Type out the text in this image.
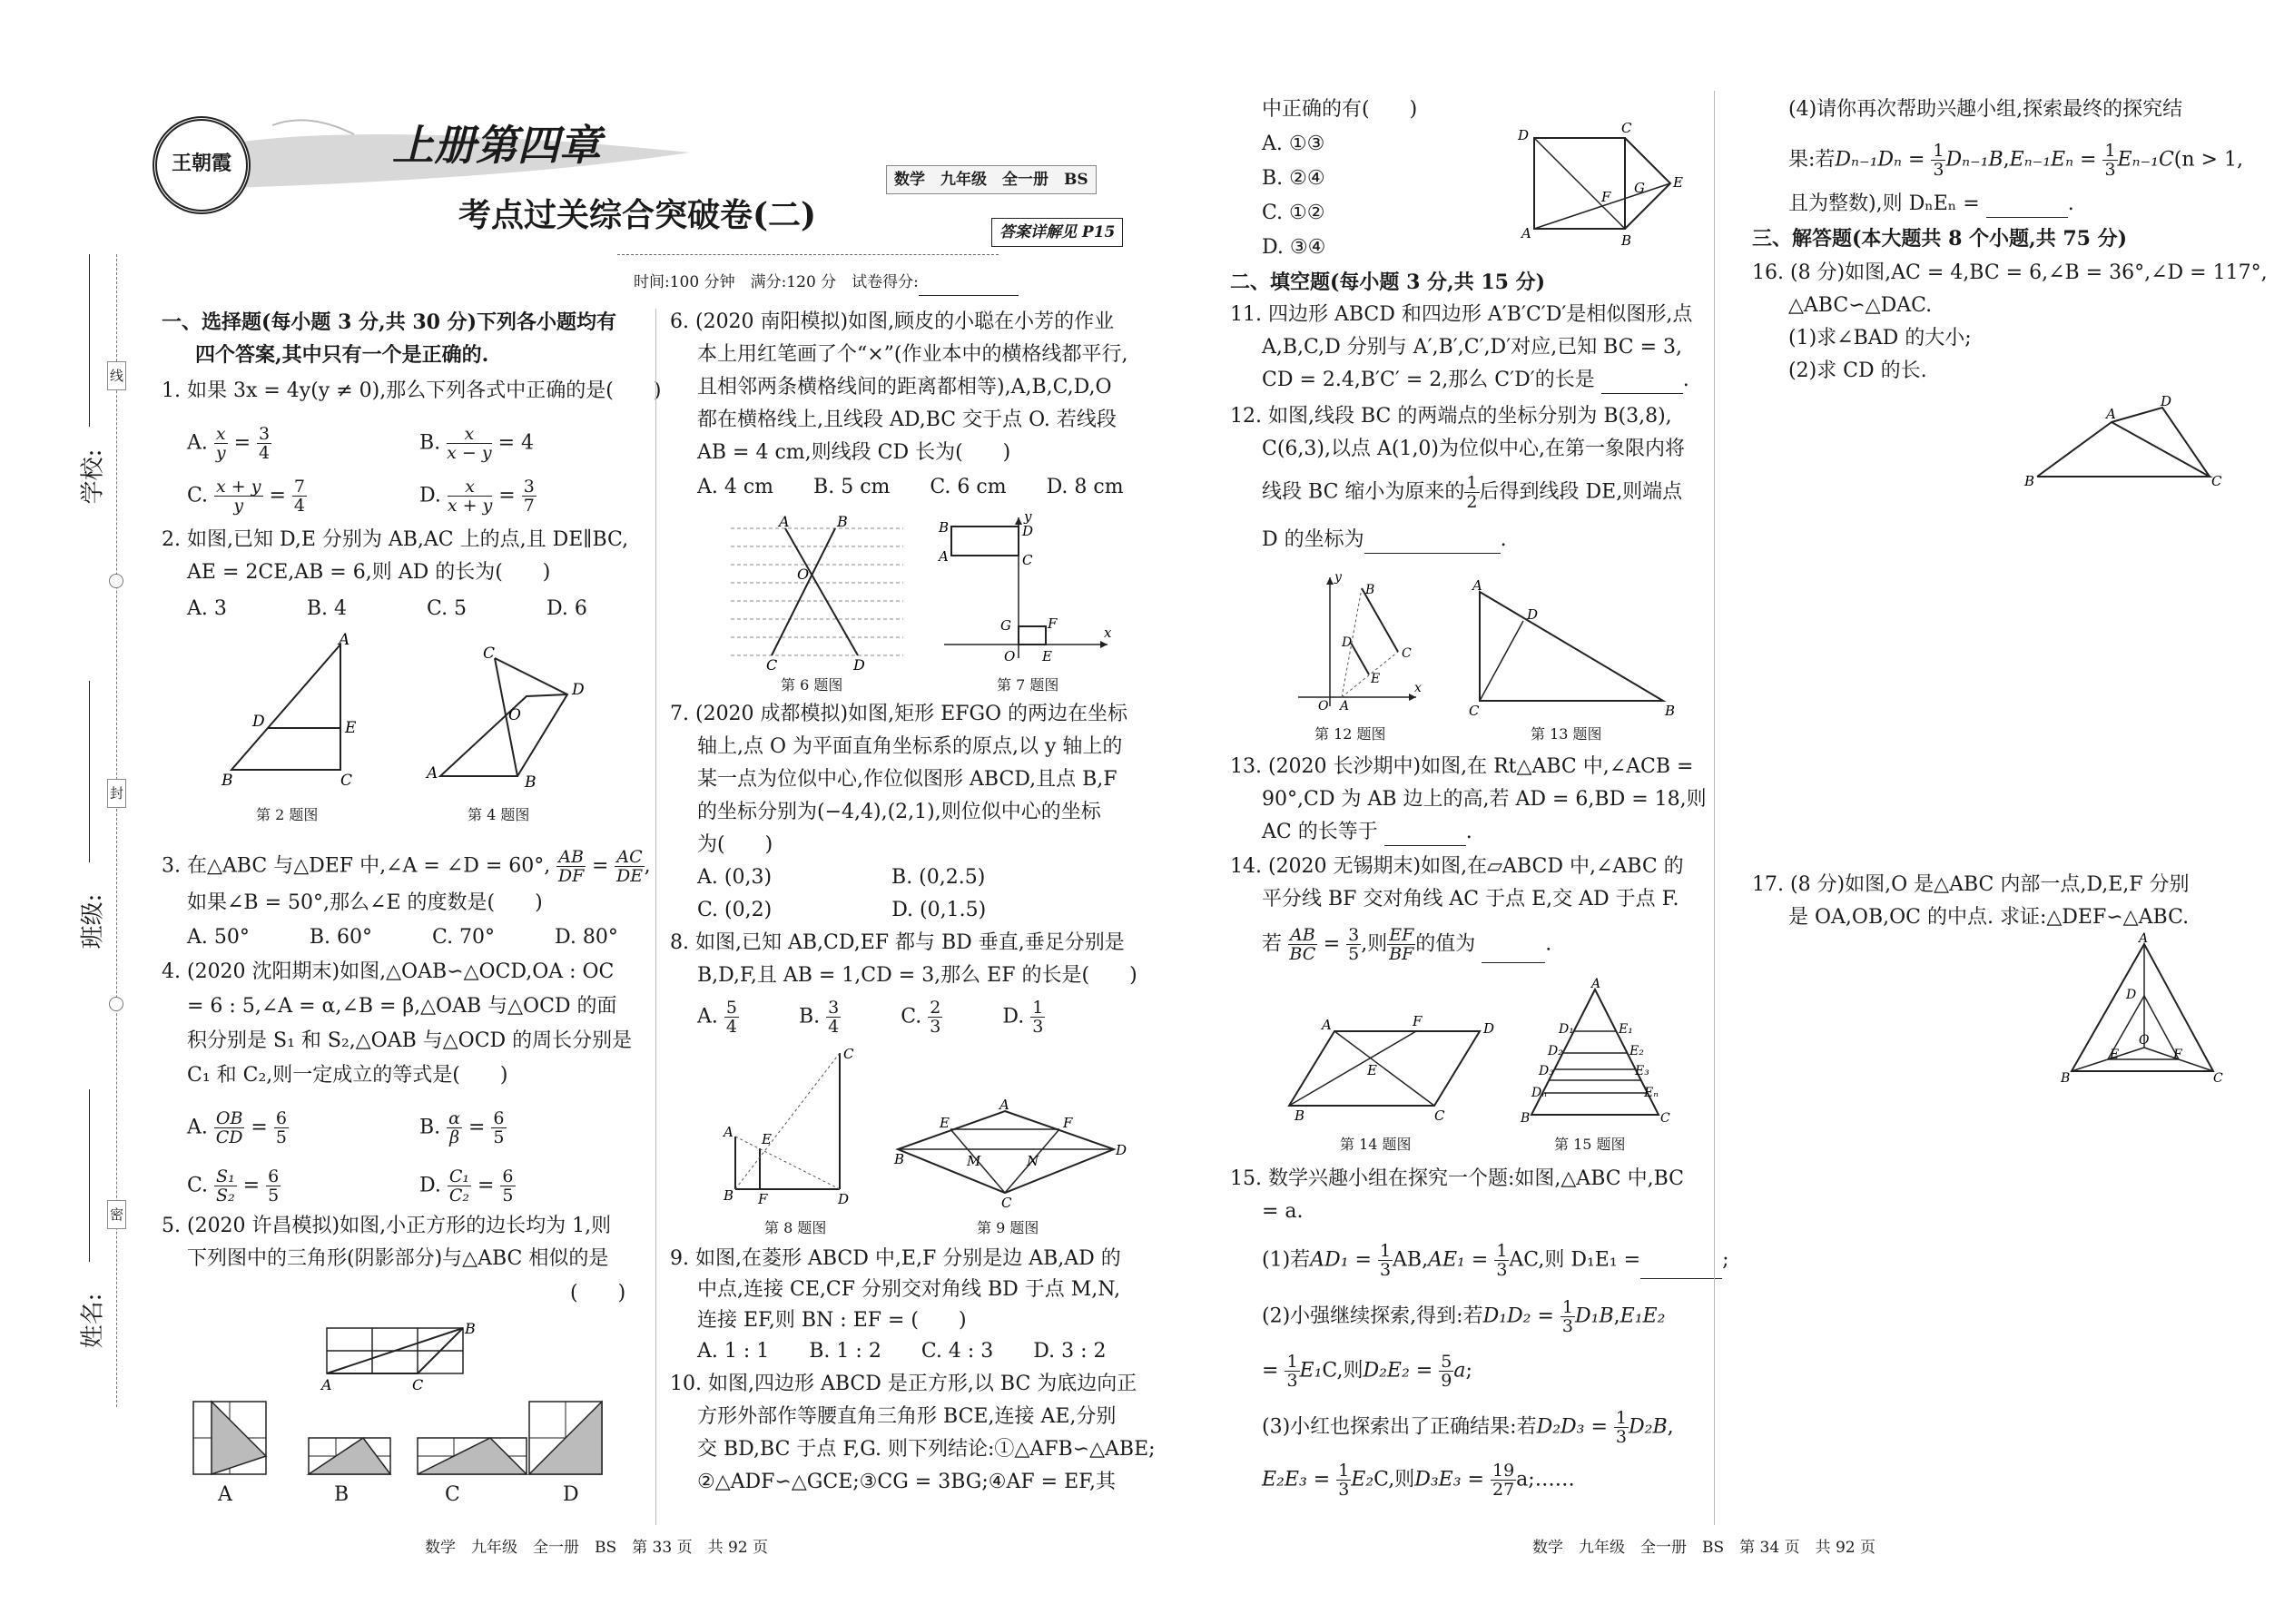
学校:
班级:
姓名:
线
封
密
王朝霞	上册第四章
考点过关综合突破卷(二)
数学　九年级　全一册　BS
答案详解见 P15
时间:100 分钟　满分:120 分　试卷得分:
一、选择题(每小题 3 分,共 30 分)下列各小题均有
四个答案,其中只有一个是正确的.
1. 如果 3x = 4y(y ≠ 0),那么下列各式中正确的是(　　)
A. $\frac{x}{y} = \frac{3}{4}$	B. $\frac{x}{x - y} = 4$
C. $\frac{x + y}{y} = \frac{7}{4}$	D. $\frac{x}{x + y} = \frac{3}{7}$
2. 如图,已知 D,E 分别为 AB,AC 上的点,且 DE∥BC,
AE = 2CE,AB = 6,则 AD 的长为(　　)
A. 3　　　　B. 4　　　　C. 5　　　　D. 6
A
D	E
B	C
第 2 题图
C
D
O
A	B
第 4 题图
3. 在△ABC 与△DEF 中,∠A = ∠D = 60°, $\frac{AB}{DF} = \frac{AC}{DE}$ ,
如果∠B = 50°,那么∠E 的度数是(　　)
A. 50°　　　B. 60°　　　C. 70°　　　D. 80°
4. (2020 沈阳期末)如图,△OAB∽△OCD,OA : OC
= 6 : 5,∠A = α,∠B = β,△OAB 与△OCD 的面
积分别是 S₁ 和 S₂,△OAB 与△OCD 的周长分别是
C₁ 和 C₂,则一定成立的等式是(　　)
A. $\frac{OB}{CD} = \frac{6}{5}$	B. $\frac{\alpha}{\beta} = \frac{6}{5}$
C. $\frac{\text{S₁}}{\text{S₂}} = \frac{6}{5}$	D. $\frac{\text{C₁}}{\text{C₂}} = \frac{6}{5}$
5. (2020 许昌模拟)如图,小正方形的边长均为 1,则
下列图中的三角形(阴影部分)与△ABC 相似的是
(　　)
B
A	C
A	B	C	D
6. (2020 南阳模拟)如图,顾皮的小聪在小芳的作业
本上用红笔画了个“×”(作业本中的横格线都平行,
且相邻两条横格线间的距离都相等),A,B,C,D,O
都在横格线上,且线段 AD,BC 交于点 O. 若线段
AB = 4 cm,则线段 CD 长为(　　)
A. 4 cm　　B. 5 cm　　C. 6 cm　　D. 8 cm
A	B
O
C	D
第 6 题图
y
B	D
A	C
G	F
O E
x
第 7 题图
7. (2020 成都模拟)如图,矩形 EFGO 的两边在坐标
轴上,点 O 为平面直角坐标系的原点,以 y 轴上的
某一点为位似中心,作位似图形 ABCD,且点 B,F
的坐标分别为(−4,4),(2,1),则位似中心的坐标
为(　　)
A. (0,3)　　　　　　B. (0,2.5)
C. (0,2)　　　　　　D. (0,1.5)
8. 如图,已知 AB,CD,EF 都与 BD 垂直,垂足分别是
B,D,F,且 AB = 1,CD = 3,那么 EF 的长是(　　)
A. $\frac{5}{4}$ 　　　B. $\frac{3}{4}$ 　　　C. $\frac{2}{3}$ 　　　D. $\frac{1}{3}$
A
C
E
B F	D
第 8 题图
A
E	F
B
D
M	N
C
第 9 题图
9. 如图,在菱形 ABCD 中,E,F 分别是边 AB,AD 的
中点,连接 CE,CF 分别交对角线 BD 于点 M,N,
连接 EF,则 BN : EF = (　　)
A. 1 : 1　　B. 1 : 2　　C. 4 : 3　　D. 3 : 2
10. 如图,四边形 ABCD 是正方形,以 BC 为底边向正
方形外部作等腰直角三角形 BCE,连接 AE,分别
交 BD,BC 于点 F,G. 则下列结论:①△AFB∽△ABE;
②△ADF∽△GCE;③CG = 3BG;④AF = EF,其
数学　九年级　全一册　BS　第 33 页　共 92 页
中正确的有(　　)
A. ①③
B. ②④
C. ①②
D. ③④
D	C
E
G
F
A	B
二、填空题(每小题 3 分,共 15 分)
11. 四边形 ABCD 和四边形 A′B′C′D′是相似图形,点
A,B,C,D 分别与 A′,B′,C′,D′对应,已知 BC = 3,
CD = 2.4,B′C′ = 2,那么 C′D′的长是	.
12. 如图,线段 BC 的两端点的坐标分别为 B(3,8),
C(6,3),以点 A(1,0)为位似中心,在第一象限内将
线段 BC 缩小为原来的 $\frac{1}{2}$ 后得到线段 DE,则端点
D 的坐标为	.
y
B
C
D
E
O A
x
第 12 题图
A
D
C	B
第 13 题图
13. (2020 长沙期中)如图,在 Rt△ABC 中,∠ACB =
90°,CD 为 AB 边上的高,若 AD = 6,BD = 18,则
AC 的长等于	.
14. (2020 无锡期末)如图,在▱ABCD 中,∠ABC 的
平分线 BF 交对角线 AC 于点 E,交 AD 于点 F.
若 $\frac{AB}{BC} = \frac{3}{5}$ ,则 $\frac{EF}{BF}$ 的值为	.
A	F	D
E
B	C
第 14 题图
A
D₁	E₁
D₂	E₂
D₃	E₃
Dₙ	Eₙ
B	C
第 15 题图
15. 数学兴趣小组在探究一个题:如图,△ABC 中,BC
= a.
(1)若$AD_1 = \frac{1}{3} AB,AE_1 = \frac{1}{3}$ AC,则 D₁E₁ =	;
(2)小强继续探索,得到:若$D_1D_2 = \frac{1}{3} D_1B,E_1E_2$
= $\frac{1}{3} E_1C$,则$D_2E_2 = \frac{5}{9} a$;
(3)小红也探索出了正确结果:若$D_2D_3 = \frac{1}{3} D_2B$,
$E_2E_3 = \frac{1}{3} E_2C$,则$D_3E_3 = \frac{19}{27}$ a;……
(4)请你再次帮助兴趣小组,探索最终的探究结
果:若$D_{n-1}D_n = \frac{1}{3} D_{n-1}B,E_{n-1}E_n = \frac{1}{3} E_{n-1}C(n > 1$,
且为整数),则 DₙEₙ =	.
三、解答题(本大题共 8 个小题,共 75 分)
16. (8 分)如图,AC = 4,BC = 6,∠B = 36°,∠D = 117°,
△ABC∽△DAC.
(1)求∠BAD 的大小;
(2)求 CD 的长.
A
D
B	C
17. (8 分)如图,O 是△ABC 内部一点,D,E,F 分别
是 OA,OB,OC 的中点. 求证:△DEF∽△ABC.
A
D
E	F
O
B	C
数学　九年级　全一册　BS　第 34 页　共 92 页
